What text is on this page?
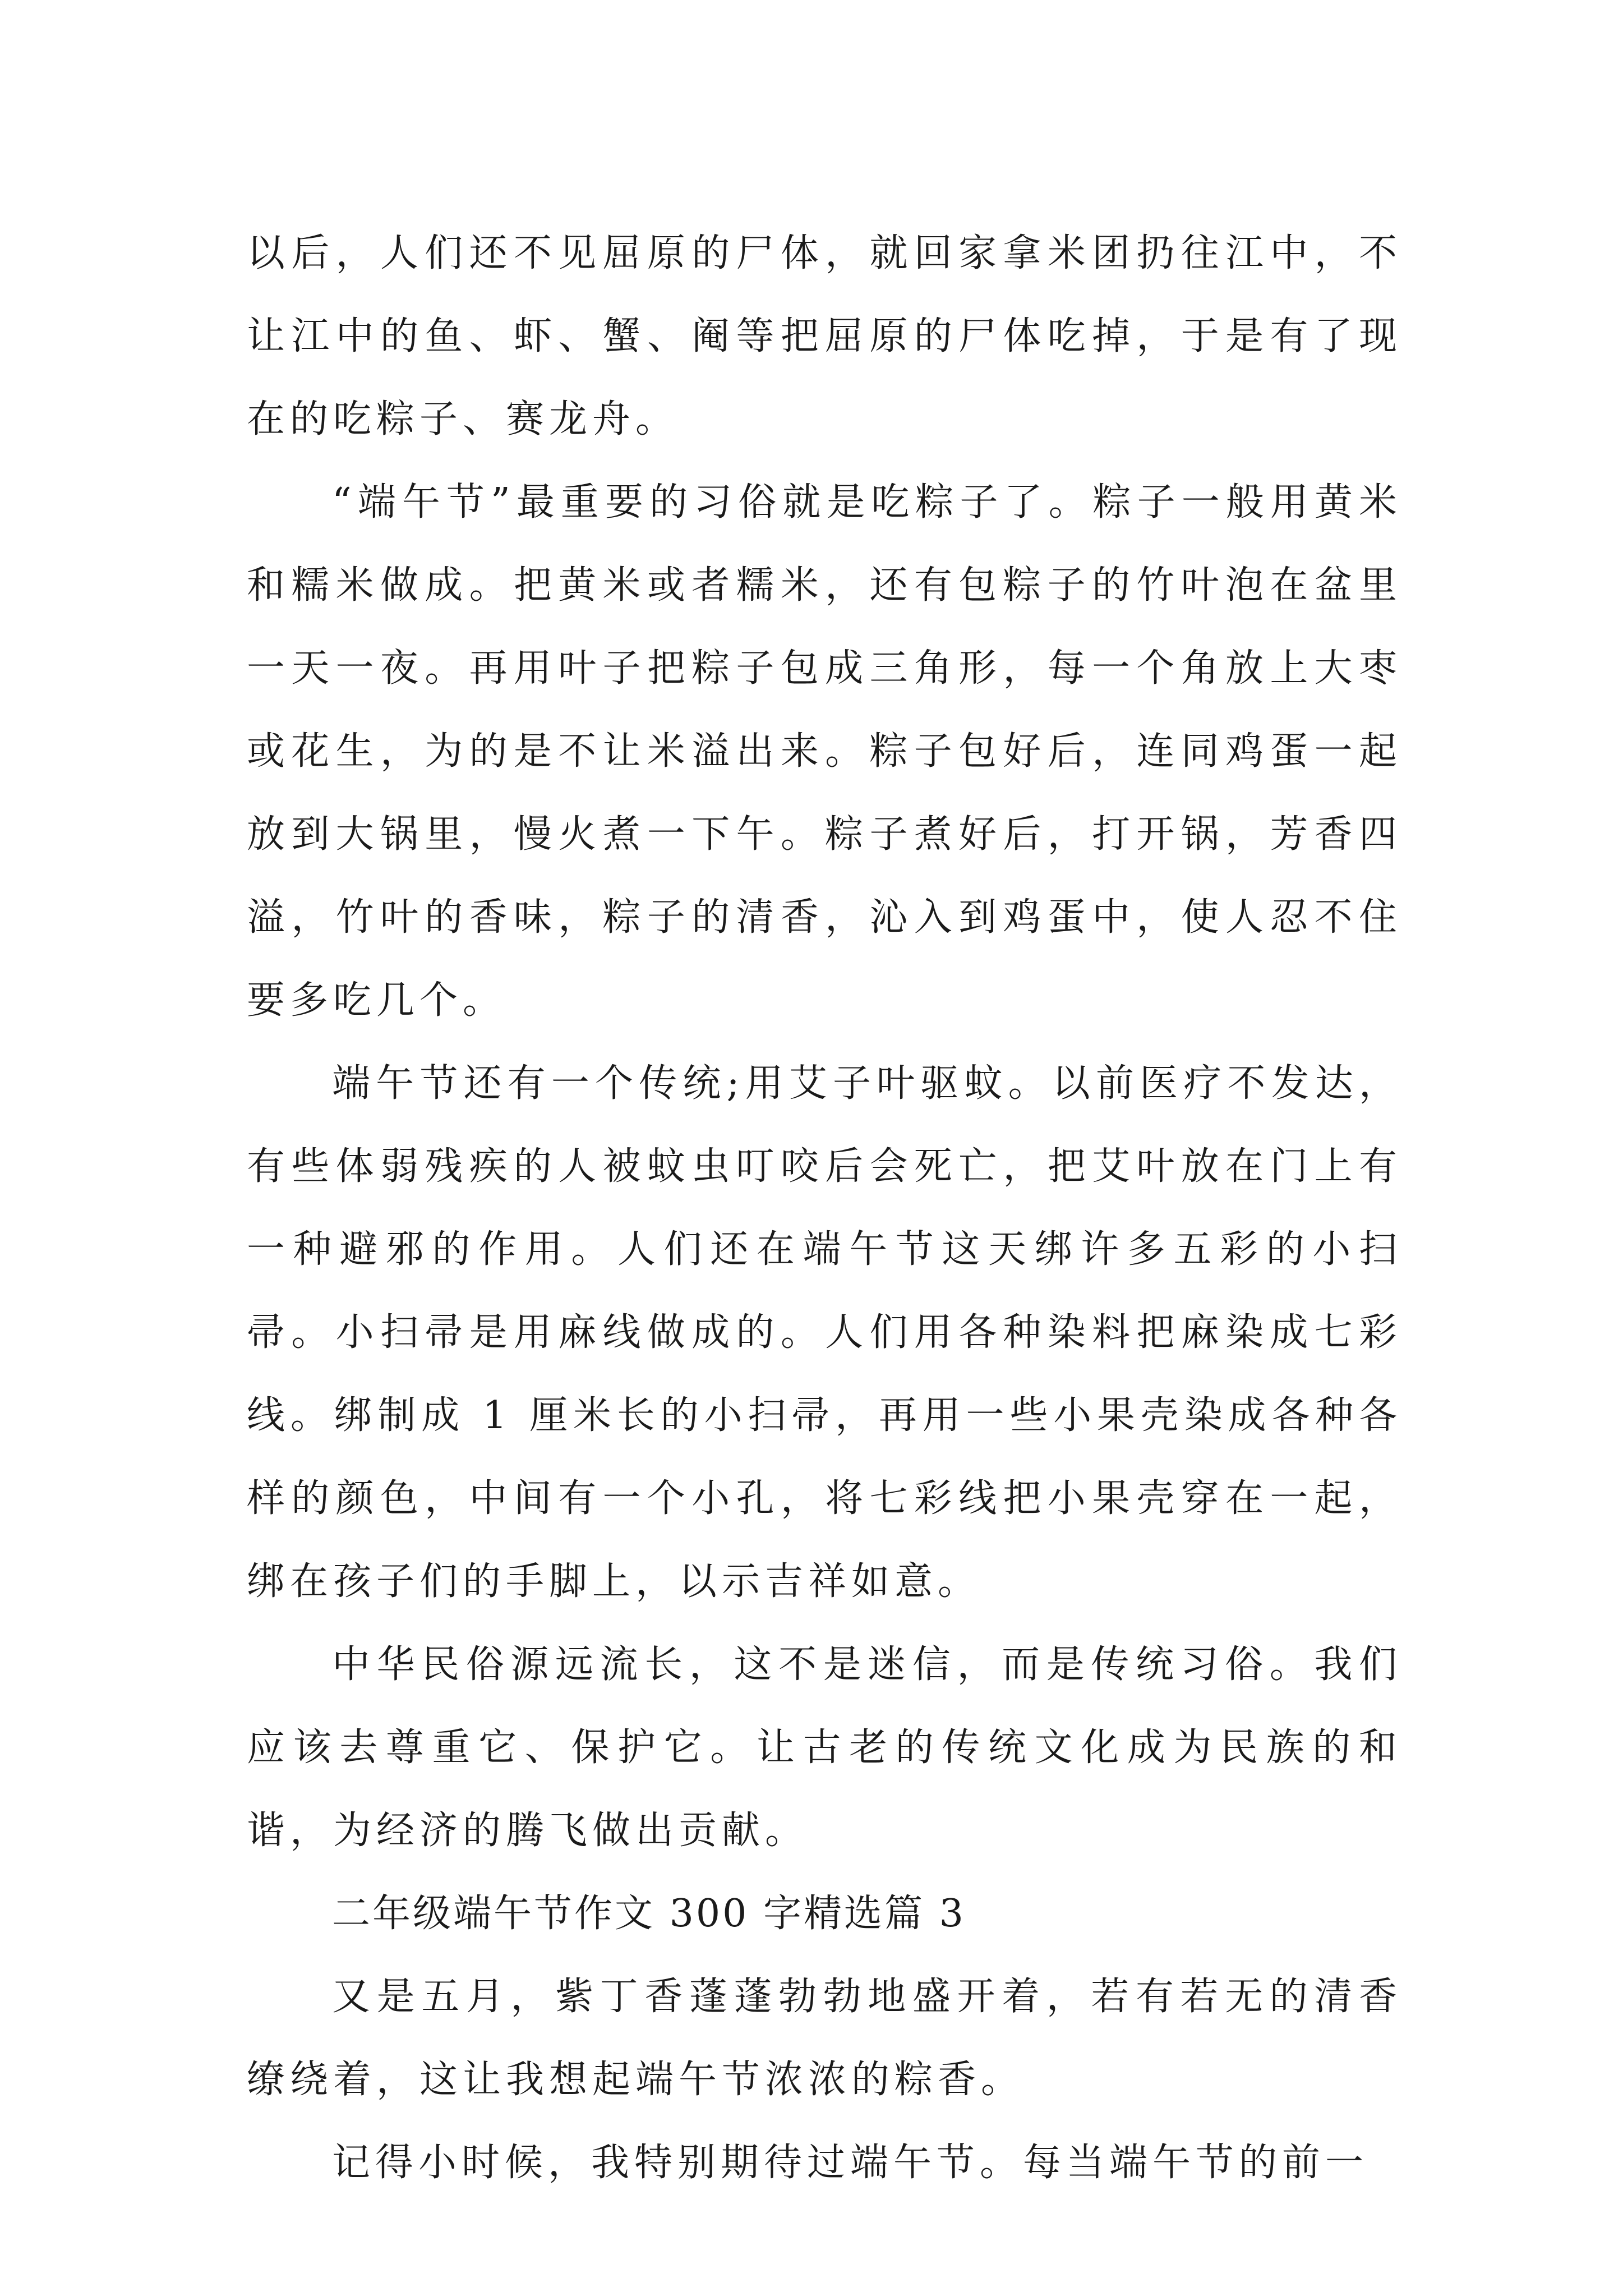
以后，人们还不见屈原的尸体，就回家拿米团扔往江中，不让江中的鱼、虾、蟹、阉等把屈原的尸体吃掉，于是有了现在的吃粽子、赛龙舟。

“端午节”最重要的习俗就是吃粽子了。粽子一般用黄米和糯米做成。把黄米或者糯米，还有包粽子的竹叶泡在盆里一天一夜。再用叶子把粽子包成三角形，每一个角放上大枣或花生，为的是不让米溢出来。粽子包好后，连同鸡蛋一起放到大锅里，慢火煮一下午。粽子煮好后，打开锅，芳香四溢，竹叶的香味，粽子的清香，沁入到鸡蛋中，使人忍不住要多吃几个。

端午节还有一个传统;用艾子叶驱蚊。以前医疗不发达，有些体弱残疾的人被蚊虫叮咬后会死亡，把艾叶放在门上有一种避邪的作用。人们还在端午节这天绑许多五彩的小扫帚。小扫帚是用麻线做成的。人们用各种染料把麻染成七彩线。绑制成 1 厘米长的小扫帚，再用一些小果壳染成各种各样的颜色，中间有一个小孔，将七彩线把小果壳穿在一起，绑在孩子们的手脚上，以示吉祥如意。

中华民俗源远流长，这不是迷信，而是传统习俗。我们应该去尊重它、保护它。让古老的传统文化成为民族的和谐，为经济的腾飞做出贡献。

二年级端午节作文 300 字精选篇 3

又是五月，紫丁香蓬蓬勃勃地盛开着，若有若无的清香缭绕着，这让我想起端午节浓浓的粽香。

记得小时候，我特别期待过端午节。每当端午节的前一
